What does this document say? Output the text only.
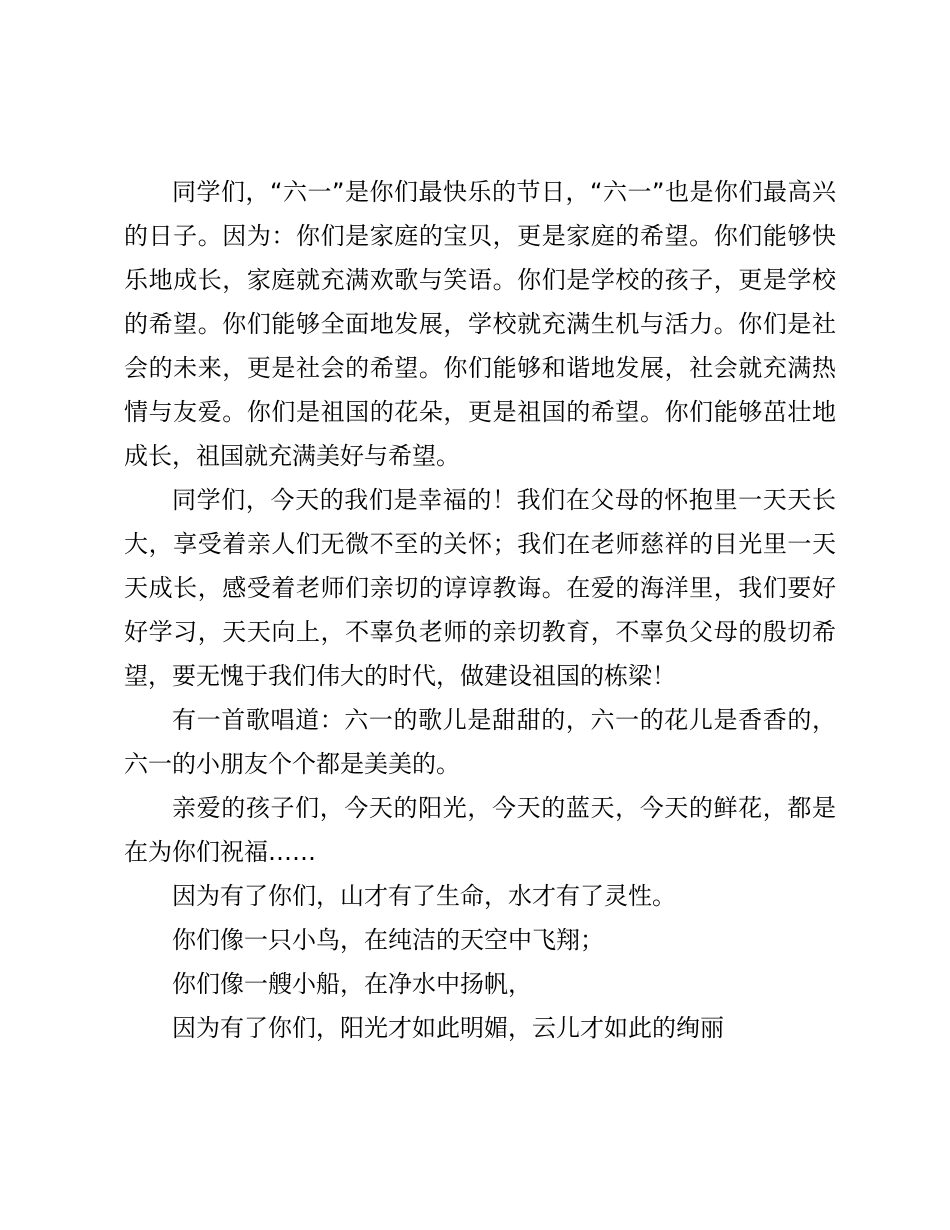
同学们，“六一”是你们最快乐的节日，“六一”也是你们最高兴的日子。因为：你们是家庭的宝贝，更是家庭的希望。你们能够快乐地成长，家庭就充满欢歌与笑语。你们是学校的孩子，更是学校的希望。你们能够全面地发展，学校就充满生机与活力。你们是社会的未来，更是社会的希望。你们能够和谐地发展，社会就充满热情与友爱。你们是祖国的花朵，更是祖国的希望。你们能够茁壮地成长，祖国就充满美好与希望。

同学们，今天的我们是幸福的！我们在父母的怀抱里一天天长大，享受着亲人们无微不至的关怀；我们在老师慈祥的目光里一天天成长，感受着老师们亲切的谆谆教诲。在爱的海洋里，我们要好好学习，天天向上，不辜负老师的亲切教育，不辜负父母的殷切希望，要无愧于我们伟大的时代，做建设祖国的栋梁！

有一首歌唱道：六一的歌儿是甜甜的，六一的花儿是香香的，六一的小朋友个个都是美美的。

亲爱的孩子们，今天的阳光，今天的蓝天，今天的鲜花，都是在为你们祝福……

因为有了你们，山才有了生命，水才有了灵性。

你们像一只小鸟，在纯洁的天空中飞翔；

你们像一艘小船，在净水中扬帆，

因为有了你们，阳光才如此明媚，云儿才如此的绚丽
